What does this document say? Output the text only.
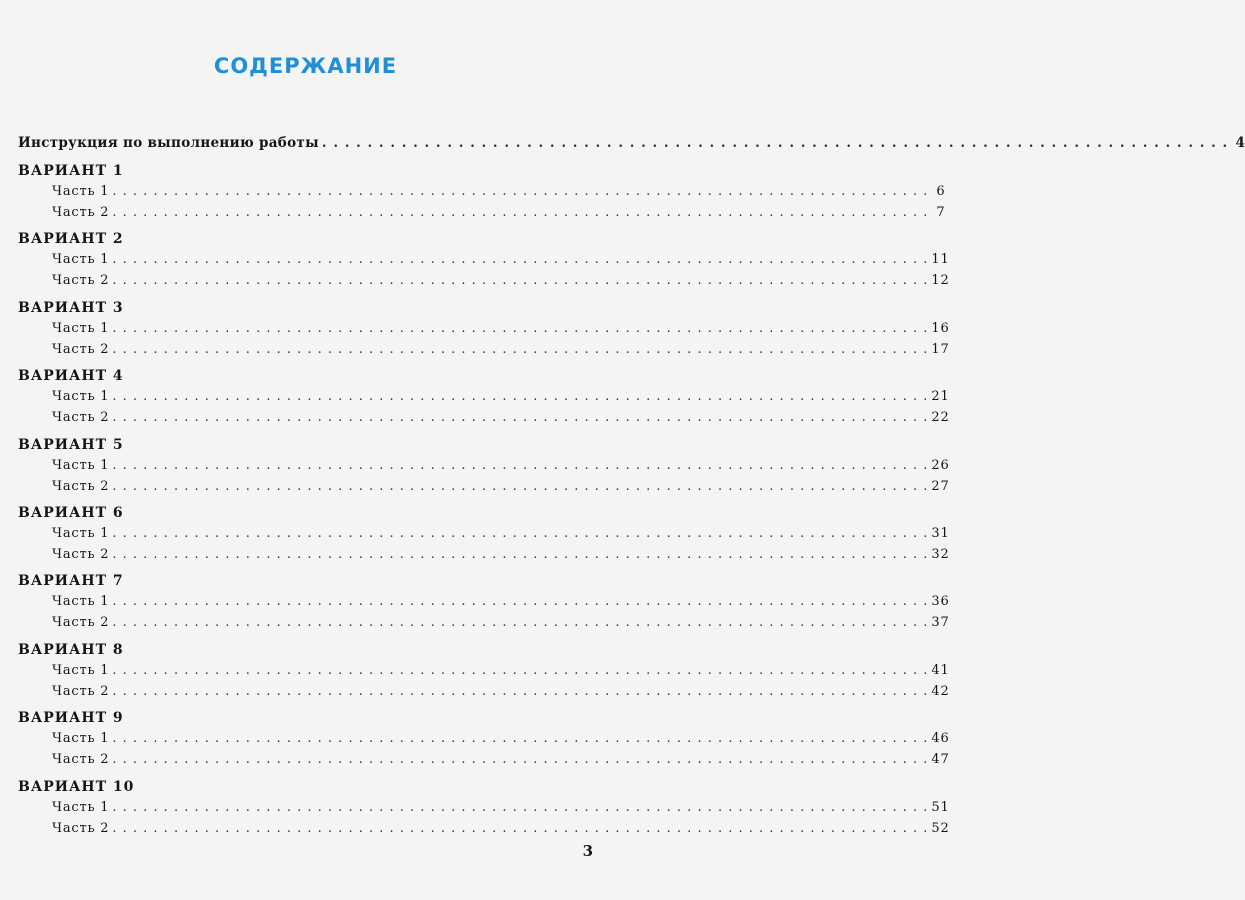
СОДЕРЖАНИЕ
Инструкция по выполнению работы . . . . . . . . . . . . . . . . . . . . . . . . . . . . . . . . . . . . . . . . . . . . . . . . . . . . . . . . . . . . . . . . . . . . . . . . . . . . . . . . 4
ВАРИАНТ 1
Часть 1 . . . . . . . . . . . . . . . . . . . . . . . . . . . . . . . . . . . . . . . . . . . . . . . . . . . . . . . . . . . . . . . . . . . . . . . . . . . . . . . . 6
Часть 2 . . . . . . . . . . . . . . . . . . . . . . . . . . . . . . . . . . . . . . . . . . . . . . . . . . . . . . . . . . . . . . . . . . . . . . . . . . . . . . . . 7
ВАРИАНТ 2
Часть 1 . . . . . . . . . . . . . . . . . . . . . . . . . . . . . . . . . . . . . . . . . . . . . . . . . . . . . . . . . . . . . . . . . . . . . . . . . . . . . . . . 11
Часть 2 . . . . . . . . . . . . . . . . . . . . . . . . . . . . . . . . . . . . . . . . . . . . . . . . . . . . . . . . . . . . . . . . . . . . . . . . . . . . . . . . 12
ВАРИАНТ 3
Часть 1 . . . . . . . . . . . . . . . . . . . . . . . . . . . . . . . . . . . . . . . . . . . . . . . . . . . . . . . . . . . . . . . . . . . . . . . . . . . . . . . . 16
Часть 2 . . . . . . . . . . . . . . . . . . . . . . . . . . . . . . . . . . . . . . . . . . . . . . . . . . . . . . . . . . . . . . . . . . . . . . . . . . . . . . . . 17
ВАРИАНТ 4
Часть 1 . . . . . . . . . . . . . . . . . . . . . . . . . . . . . . . . . . . . . . . . . . . . . . . . . . . . . . . . . . . . . . . . . . . . . . . . . . . . . . . . 21
Часть 2 . . . . . . . . . . . . . . . . . . . . . . . . . . . . . . . . . . . . . . . . . . . . . . . . . . . . . . . . . . . . . . . . . . . . . . . . . . . . . . . . 22
ВАРИАНТ 5
Часть 1 . . . . . . . . . . . . . . . . . . . . . . . . . . . . . . . . . . . . . . . . . . . . . . . . . . . . . . . . . . . . . . . . . . . . . . . . . . . . . . . . 26
Часть 2 . . . . . . . . . . . . . . . . . . . . . . . . . . . . . . . . . . . . . . . . . . . . . . . . . . . . . . . . . . . . . . . . . . . . . . . . . . . . . . . . 27
ВАРИАНТ 6
Часть 1 . . . . . . . . . . . . . . . . . . . . . . . . . . . . . . . . . . . . . . . . . . . . . . . . . . . . . . . . . . . . . . . . . . . . . . . . . . . . . . . . 31
Часть 2 . . . . . . . . . . . . . . . . . . . . . . . . . . . . . . . . . . . . . . . . . . . . . . . . . . . . . . . . . . . . . . . . . . . . . . . . . . . . . . . . 32
ВАРИАНТ 7
Часть 1 . . . . . . . . . . . . . . . . . . . . . . . . . . . . . . . . . . . . . . . . . . . . . . . . . . . . . . . . . . . . . . . . . . . . . . . . . . . . . . . . 36
Часть 2 . . . . . . . . . . . . . . . . . . . . . . . . . . . . . . . . . . . . . . . . . . . . . . . . . . . . . . . . . . . . . . . . . . . . . . . . . . . . . . . . 37
ВАРИАНТ 8
Часть 1 . . . . . . . . . . . . . . . . . . . . . . . . . . . . . . . . . . . . . . . . . . . . . . . . . . . . . . . . . . . . . . . . . . . . . . . . . . . . . . . . 41
Часть 2 . . . . . . . . . . . . . . . . . . . . . . . . . . . . . . . . . . . . . . . . . . . . . . . . . . . . . . . . . . . . . . . . . . . . . . . . . . . . . . . . 42
ВАРИАНТ 9
Часть 1 . . . . . . . . . . . . . . . . . . . . . . . . . . . . . . . . . . . . . . . . . . . . . . . . . . . . . . . . . . . . . . . . . . . . . . . . . . . . . . . . 46
Часть 2 . . . . . . . . . . . . . . . . . . . . . . . . . . . . . . . . . . . . . . . . . . . . . . . . . . . . . . . . . . . . . . . . . . . . . . . . . . . . . . . . 47
ВАРИАНТ 10
Часть 1 . . . . . . . . . . . . . . . . . . . . . . . . . . . . . . . . . . . . . . . . . . . . . . . . . . . . . . . . . . . . . . . . . . . . . . . . . . . . . . . . 51
Часть 2 . . . . . . . . . . . . . . . . . . . . . . . . . . . . . . . . . . . . . . . . . . . . . . . . . . . . . . . . . . . . . . . . . . . . . . . . . . . . . . . . 52
3
